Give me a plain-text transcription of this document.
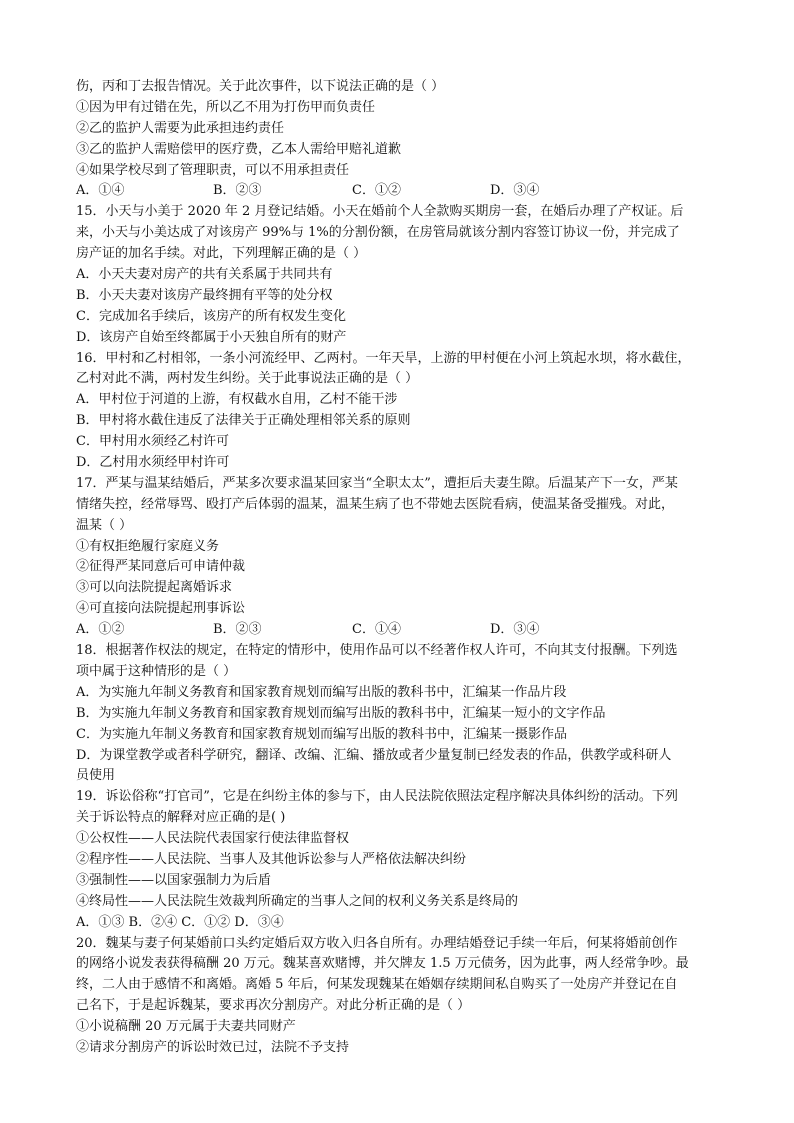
伤，丙和丁去报告情况。关于此次事件，以下说法正确的是（ ）
①因为甲有过错在先，所以乙不用为打伤甲而负责任
②乙的监护人需要为此承担违约责任
③乙的监护人需赔偿甲的医疗费，乙本人需给甲赔礼道歉
④如果学校尽到了管理职责，可以不用承担责任
A．①④	B．②③	C．①②	D．③④
15．小天与小美于 2020 年 2 月登记结婚。小天在婚前个人全款购买期房一套，在婚后办理了产权证。后
来，小天与小美达成了对该房产 99%与 1%的分割份额，在房管局就该分割内容签订协议一份，并完成了
房产证的加名手续。对此，下列理解正确的是（ ）
A．小天夫妻对房产的共有关系属于共同共有
B．小天夫妻对该房产最终拥有平等的处分权
C．完成加名手续后，该房产的所有权发生变化
D．该房产自始至终都属于小天独自所有的财产
16．甲村和乙村相邻，一条小河流经甲、乙两村。一年天旱，上游的甲村便在小河上筑起水坝，将水截住，
乙村对此不满，两村发生纠纷。关于此事说法正确的是（ ）
A．甲村位于河道的上游，有权截水自用，乙村不能干涉
B．甲村将水截住违反了法律关于正确处理相邻关系的原则
C．甲村用水须经乙村许可
D．乙村用水须经甲村许可
17．严某与温某结婚后，严某多次要求温某回家当“全职太太”，遭拒后夫妻生隙。后温某产下一女，严某
情绪失控，经常辱骂、殴打产后体弱的温某，温某生病了也不带她去医院看病，使温某备受摧残。对此，
温某（ ）
①有权拒绝履行家庭义务
②征得严某同意后可申请仲裁
③可以向法院提起离婚诉求
④可直接向法院提起刑事诉讼
A．①②	B．②③	C．①④	D．③④
18．根据著作权法的规定，在特定的情形中，使用作品可以不经著作权人许可，不向其支付报酬。下列选
项中属于这种情形的是（ ）
A．为实施九年制义务教育和国家教育规划而编写出版的教科书中，汇编某一作品片段
B．为实施九年制义务教育和国家教育规划而编写出版的教科书中，汇编某一短小的文字作品
C．为实施九年制义务教育和国家教育规划而编写出版的教科书中，汇编某一摄影作品
D．为课堂教学或者科学研究，翻译、改编、汇编、播放或者少量复制已经发表的作品，供教学或科研人
员使用
19．诉讼俗称“打官司”，它是在纠纷主体的参与下，由人民法院依照法定程序解决具体纠纷的活动。下列
关于诉讼特点的解释对应正确的是( )
①公权性——人民法院代表国家行使法律监督权
②程序性——人民法院、当事人及其他诉讼参与人严格依法解决纠纷
③强制性——以国家强制力为后盾
④终局性——人民法院生效裁判所确定的当事人之间的权利义务关系是终局的
A．①③ B．②④ C．①② D．③④
20．魏某与妻子何某婚前口头约定婚后双方收入归各自所有。办理结婚登记手续一年后，何某将婚前创作
的网络小说发表获得稿酬 20 万元。魏某喜欢赌博，并欠牌友 1.5 万元债务，因为此事，两人经常争吵。最
终，二人由于感情不和离婚。离婚 5 年后，何某发现魏某在婚姻存续期间私自购买了一处房产并登记在自
己名下，于是起诉魏某，要求再次分割房产。对此分析正确的是（ ）
①小说稿酬 20 万元属于夫妻共同财产
②请求分割房产的诉讼时效已过，法院不予支持
